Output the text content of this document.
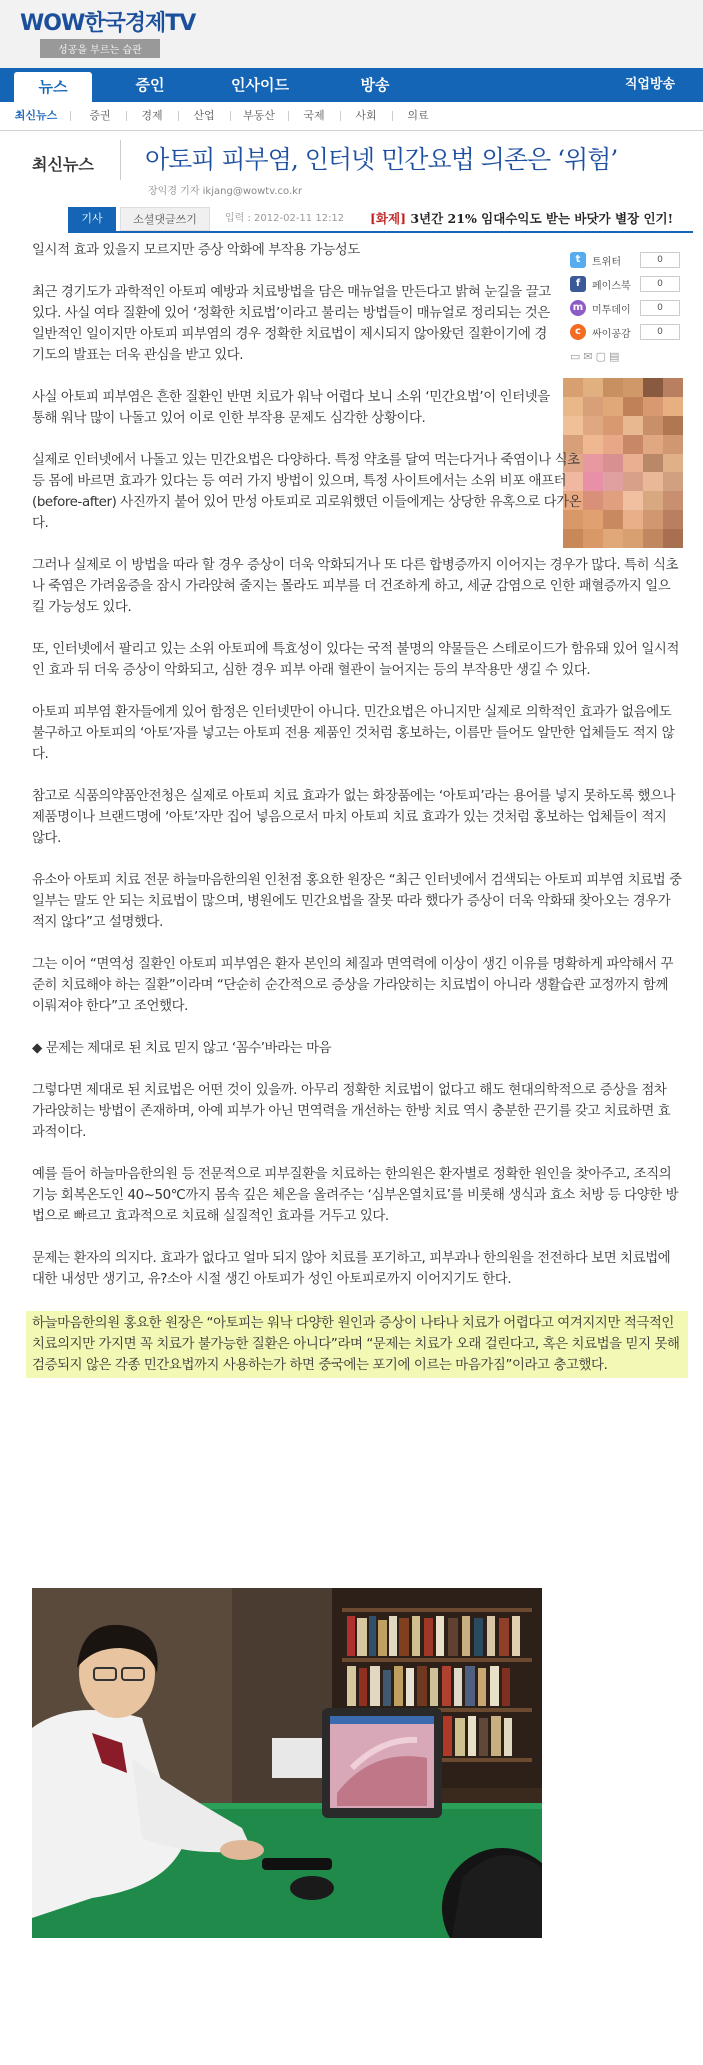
WOW한국경제TV
성공을 부르는 습관
뉴스	증인	인사이드	방송	직업방송
최신뉴스	증권	경제	산업	부동산	국제	사회	의료
최신뉴스 아토피 피부염, 인터넷 민간요법 의존은 ‘위험’
장익경 기자 ikjang@wowtv.co.kr
기사	소셜댓글쓰기	입력 : 2012-02-11 12:12 [화제] 3년간 21% 임대수익도 받는 바닷가 별장 인기!
t	트위터	0
f	페이스북	0
m 미투데이	0
c	싸이공감	0
▭✉▢▤

일시적 효과 있을지 모르지만 증상 악화에 부작용 가능성도

최근 경기도가 과학적인 아토피 예방과 치료방법을 담은 매뉴얼을 만든다고 밝혀 눈길을 끌고 있다. 사실 여타 질환에 있어 ‘정확한 치료법’이라고 불리는 방법들이 매뉴얼로 정리되는 것은 일반적인 일이지만 아토피 피부염의 경우 정확한 치료법이 제시되지 않아왔던 질환이기에 경기도의 발표는 더욱 관심을 받고 있다.

사실 아토피 피부염은 흔한 질환인 반면 치료가 워낙 어렵다 보니 소위 ‘민간요법’이 인터넷을 통해 워낙 많이 나돌고 있어 이로 인한 부작용 문제도 심각한 상황이다.

실제로 인터넷에서 나돌고 있는 민간요법은 다양하다. 특정 약초를 달여 먹는다거나 죽염이나 식초 등 몸에 바르면 효과가 있다는 등 여러 가지 방법이 있으며, 특정 사이트에서는 소위 비포 애프터(before-after) 사진까지 붙어 있어 만성 아토피로 괴로워했던 이들에게는 상당한 유혹으로 다가온다.

그러나 실제로 이 방법을 따라 할 경우 증상이 더욱 악화되거나 또 다른 합병증까지 이어지는 경우가 많다. 특히 식초나 죽염은 가려움증을 잠시 가라앉혀 줄지는 몰라도 피부를 더 건조하게 하고, 세균 감염으로 인한 패혈증까지 일으킬 가능성도 있다.

또, 인터넷에서 팔리고 있는 소위 아토피에 특효성이 있다는 국적 불명의 약물들은 스테로이드가 함유돼 있어 일시적인 효과 뒤 더욱 증상이 악화되고, 심한 경우 피부 아래 혈관이 늘어지는 등의 부작용만 생길 수 있다.

아토피 피부염 환자들에게 있어 함정은 인터넷만이 아니다. 민간요법은 아니지만 실제로 의학적인 효과가 없음에도 불구하고 아토피의 ‘아토’자를 넣고는 아토피 전용 제품인 것처럼 홍보하는, 이름만 들어도 알만한 업체들도 적지 않다.

참고로 식품의약품안전청은 실제로 아토피 치료 효과가 없는 화장품에는 ‘아토피’라는 용어를 넣지 못하도록 했으나 제품명이나 브랜드명에 ‘아토’자만 집어 넣음으로서 마치 아토피 치료 효과가 있는 것처럼 홍보하는 업체들이 적지 않다.

유소아 아토피 치료 전문 하늘마음한의원 인천점 홍요한 원장은 “최근 인터넷에서 검색되는 아토피 피부염 치료법 중 일부는 말도 안 되는 치료법이 많으며, 병원에도 민간요법을 잘못 따라 했다가 증상이 더욱 악화돼 찾아오는 경우가 적지 않다”고 설명했다.

그는 이어 “면역성 질환인 아토피 피부염은 환자 본인의 체질과 면역력에 이상이 생긴 이유를 명확하게 파악해서 꾸준히 치료해야 하는 질환”이라며 “단순히 순간적으로 증상을 가라앉히는 치료법이 아니라 생활습관 교정까지 함께 이뤄져야 한다”고 조언했다.

◆ 문제는 제대로 된 치료 믿지 않고 ‘꼼수’바라는 마음

그렇다면 제대로 된 치료법은 어떤 것이 있을까. 아무리 정확한 치료법이 없다고 해도 현대의학적으로 증상을 점차 가라앉히는 방법이 존재하며, 아예 피부가 아닌 면역력을 개선하는 한방 치료 역시 충분한 끈기를 갖고 치료하면 효과적이다.

예를 들어 하늘마음한의원 등 전문적으로 피부질환을 치료하는 한의원은 환자별로 정확한 원인을 찾아주고, 조직의 기능 회복온도인 40~50℃까지 몸속 깊은 체온을 올려주는 ‘심부온열치료’를 비롯해 생식과 효소 처방 등 다양한 방법으로 빠르고 효과적으로 치료해 실질적인 효과를 거두고 있다.

문제는 환자의 의지다. 효과가 없다고 얼마 되지 않아 치료를 포기하고, 피부과나 한의원을 전전하다 보면 치료법에 대한 내성만 생기고, 유?소아 시절 생긴 아토피가 성인 아토피로까지 이어지기도 한다.

하늘마음한의원 홍요한 원장은 “아토피는 워낙 다양한 원인과 증상이 나타나 치료가 어렵다고 여겨지지만 적극적인 치료의지만 가지면 꼭 치료가 불가능한 질환은 아니다”라며 “문제는 치료가 오래 걸린다고, 혹은 치료법을 믿지 못해 검증되지 않은 각종 민간요법까지 사용하는가 하면 중국에는 포기에 이르는 마음가짐”이라고 충고했다.
